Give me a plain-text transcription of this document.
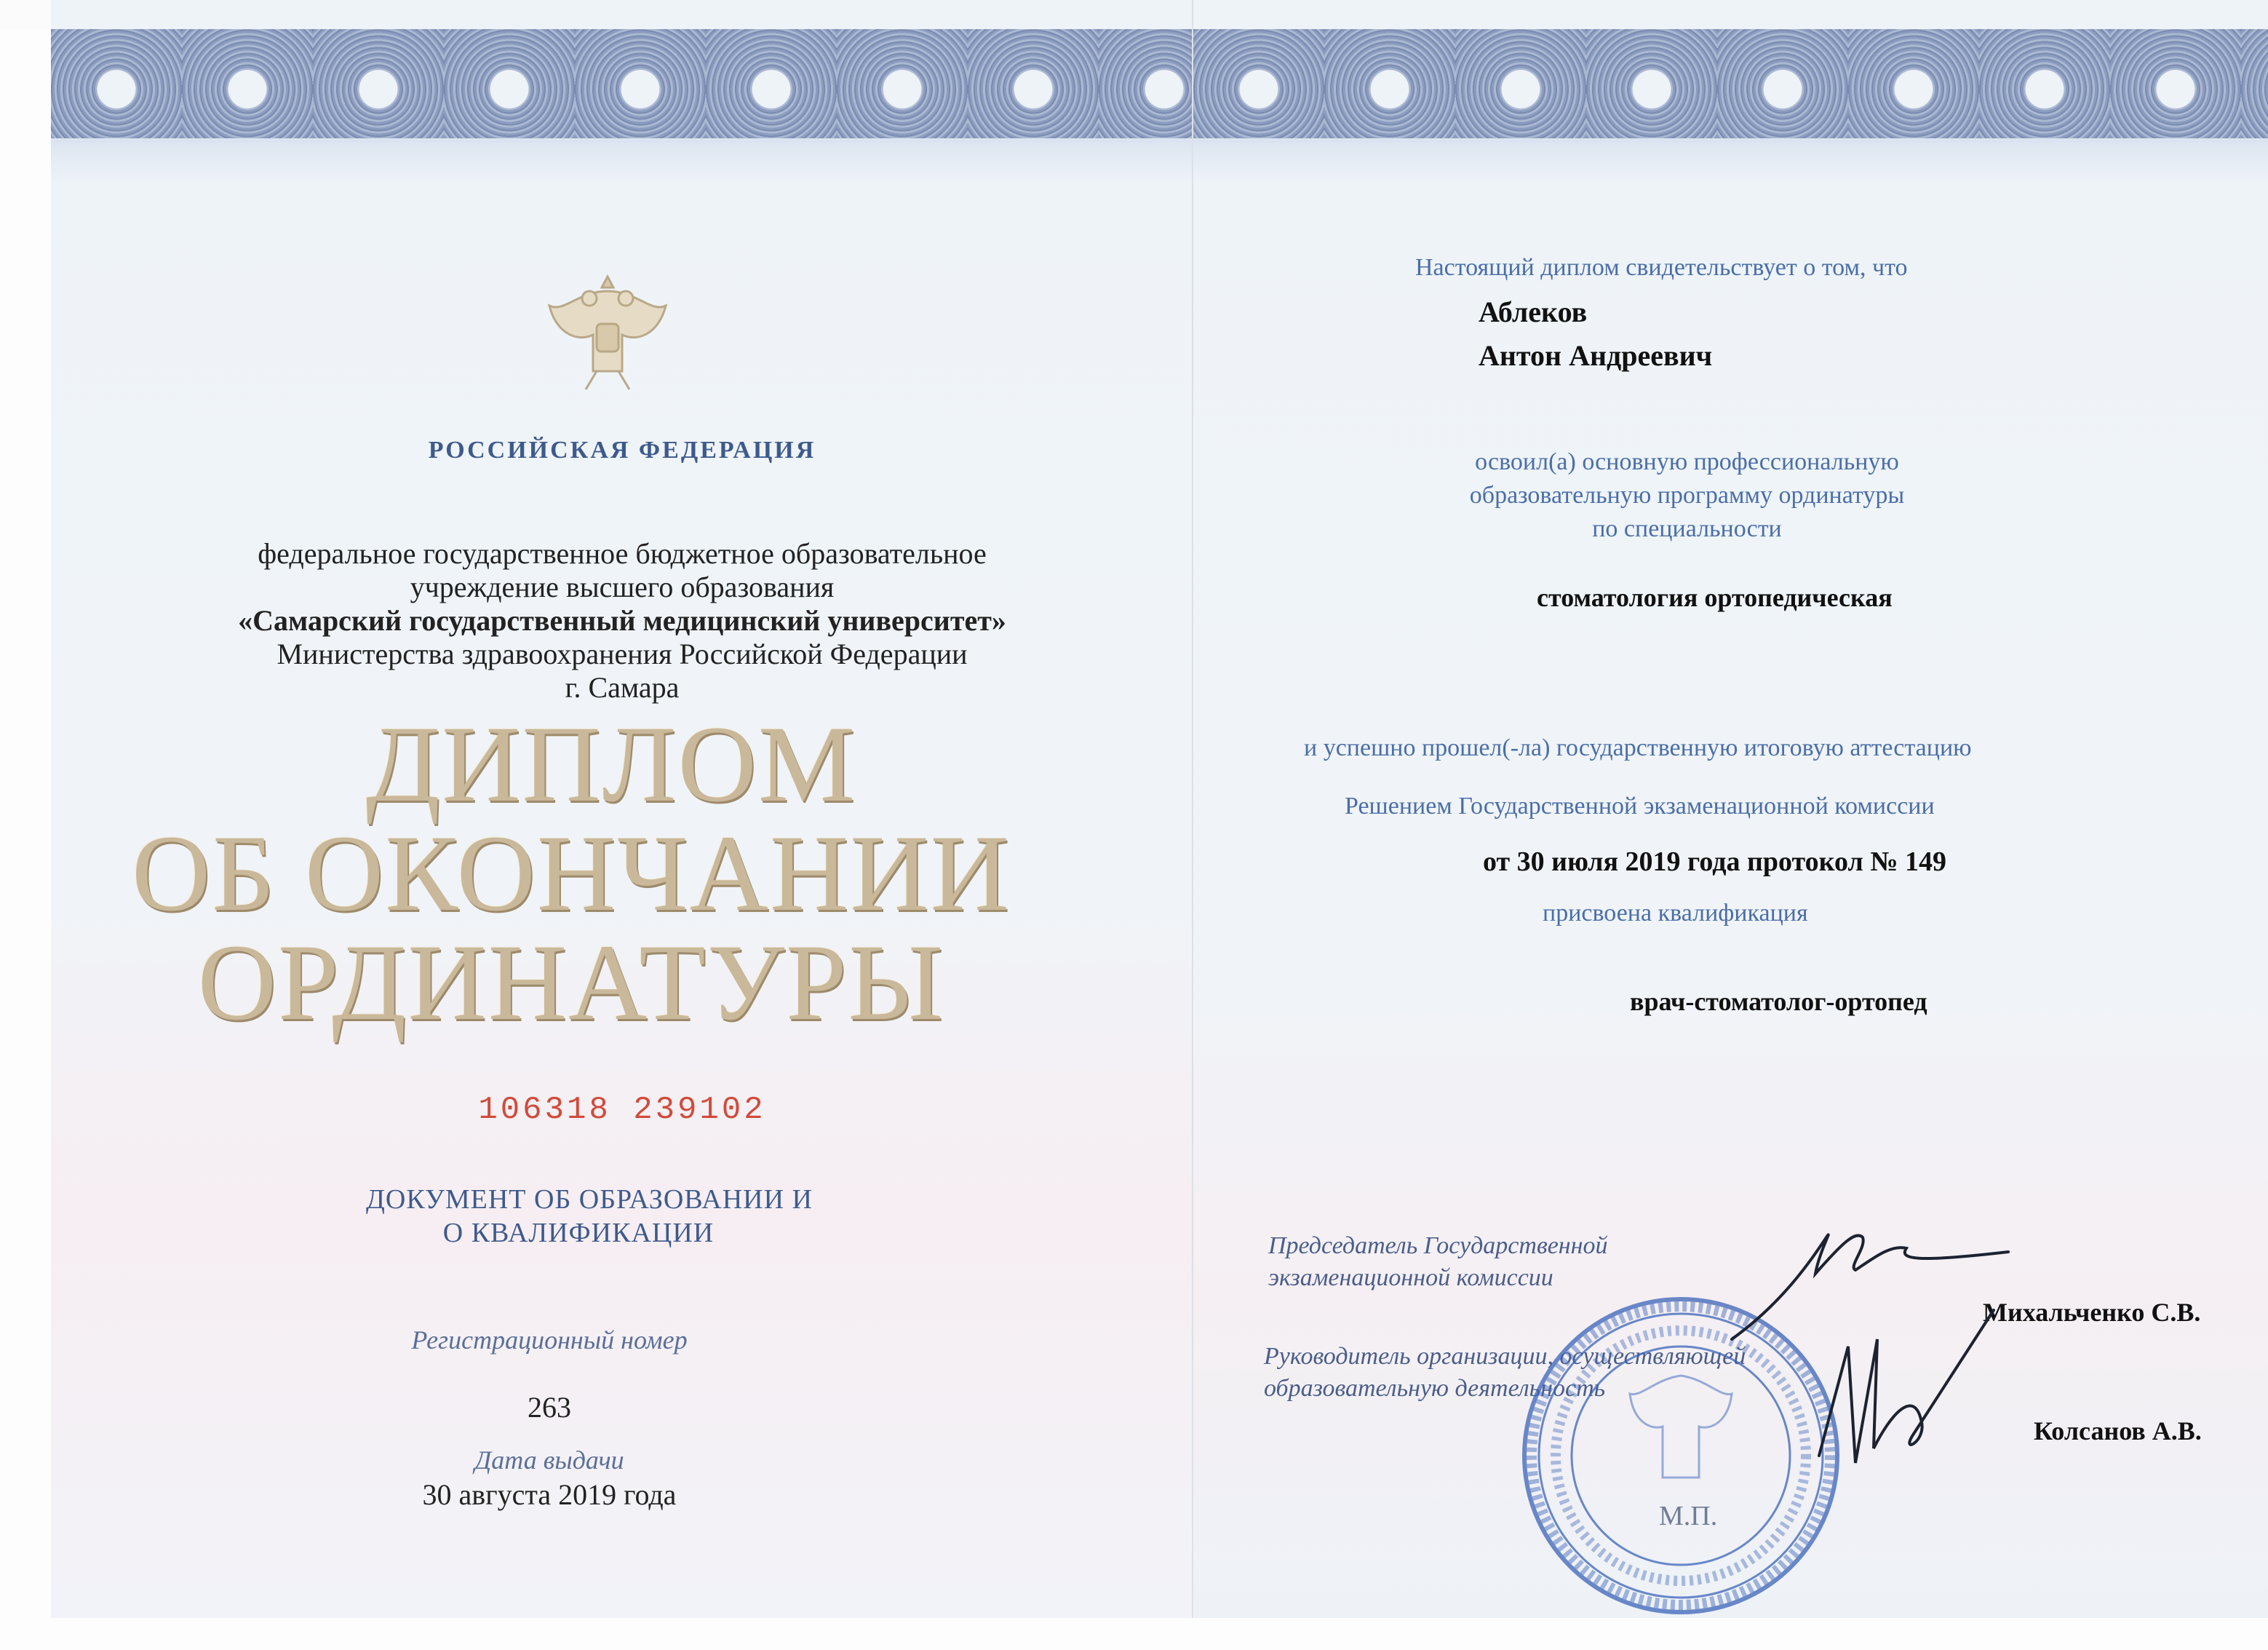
РОССИЙСКАЯ ФЕДЕРАЦИЯ
федеральное государственное бюджетное образовательное
учреждение высшего образования
«Самарский государственный медицинский университет»
Министерства здравоохранения Российской Федерации
г. Самара
ДИПЛОМ
ОБ ОКОНЧАНИИ
ОРДИНАТУРЫ
106318 239102
ДОКУМЕНТ ОБ ОБРАЗОВАНИИ И
О КВАЛИФИКАЦИИ
Регистрационный номер
263
Дата выдачи
30 августа 2019 года
Настоящий диплом свидетельствует о том, что
Аблеков
Антон Андреевич
освоил(а) основную профессиональную
образовательную программу ординатуры
по специальности
стоматология ортопедическая
и успешно прошел(-ла) государственную итоговую аттестацию
Решением Государственной экзаменационной комиссии
от 30 июля 2019 года протокол № 149
присвоена квалификация
врач-стоматолог-ортопед
Председатель Государственной
экзаменационной комиссии
Михальченко С.В.
Руководитель организации, осуществляющей
образовательную деятельность
Колсанов А.В.
М.П.
